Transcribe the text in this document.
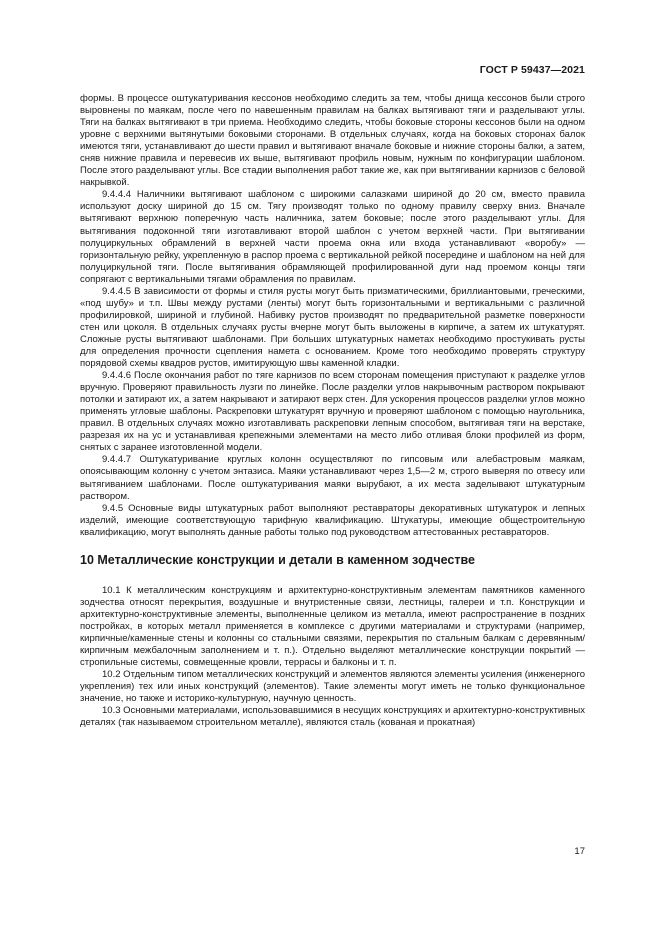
ГОСТ Р 59437—2021

формы. В процессе оштукатуривания кессонов необходимо следить за тем, чтобы днища кессонов были строго выровнены по маякам, после чего по навешенным правилам на балках вытягивают тяги и разделывают углы. Тяги на балках вытягивают в три приема. Необходимо следить, чтобы боковые стороны кессонов были на одном уровне с верхними вытянутыми боковыми сторонами. В отдельных случаях, когда на боковых сторонах балок имеются тяги, устанавливают до шести правил и вытягивают вначале боковые и нижние стороны балки, а затем, сняв нижние правила и перевесив их выше, вытягивают профиль новым, нужным по конфигурации шаблоном. После этого разделывают углы. Все стадии выполнения работ такие же, как при вытягивании карнизов с беловой накрывкой.

9.4.4.4 Наличники вытягивают шаблоном с широкими салазками шириной до 20 см, вместо правила используют доску шириной до 15 см. Тягу производят только по одному правилу сверху вниз. Вначале вытягивают верхнюю поперечную часть наличника, затем боковые; после этого разделывают углы. Для вытягивания подоконной тяги изготавливают второй шаблон с учетом верхней части. При вытягивании полуциркульных обрамлений в верхней части проема окна или входа устанавливают «воробу» — горизонтальную рейку, укрепленную в распор проема с вертикальной рейкой посередине и шаблоном на ней для полуциркульной тяги. После вытягивания обрамляющей профилированной дуги над проемом концы тяги сопрягают с вертикальными тягами обрамления по правилам.

9.4.4.5 В зависимости от формы и стиля русты могут быть призматическими, бриллиантовыми, греческими, «под шубу» и т.п. Швы между рустами (ленты) могут быть горизонтальными и вертикальными с различной профилировкой, шириной и глубиной. Набивку рустов производят по предварительной разметке поверхности стен или цоколя. В отдельных случаях русты вчерне могут быть выложены в кирпиче, а затем их штукатурят. Сложные русты вытягивают шаблонами. При больших штукатурных наметах необходимо простукивать русты для определения прочности сцепления намета с основанием. Кроме того необходимо проверять структуру порядовой схемы квадров рустов, имитирующую швы каменной кладки.

9.4.4.6 После окончания работ по тяге карнизов по всем сторонам помещения приступают к разделке углов вручную. Проверяют правильность лузги по линейке. После разделки углов накрывочным раствором покрывают потолки и затирают их, а затем накрывают и затирают верх стен. Для ускорения процессов разделки углов можно применять угловые шаблоны. Раскреповки штукатурят вручную и проверяют шаблоном с помощью наугольника, правил. В отдельных случаях можно изготавливать раскреповки лепным способом, вытягивая тяги на верстаке, разрезая их на ус и устанавливая крепежными элементами на место либо отливая блоки профилей из форм, снятых с заранее изготовленной модели.

9.4.4.7 Оштукатуривание круглых колонн осуществляют по гипсовым или алебастровым маякам, опоясывающим колонну с учетом энтазиса. Маяки устанавливают через 1,5—2 м, строго выверяя по отвесу или вытягиванием шаблонами. После оштукатуривания маяки вырубают, а их места заделывают штукатурным раствором.

9.4.5 Основные виды штукатурных работ выполняют реставраторы декоративных штукатурок и лепных изделий, имеющие соответствующую тарифную квалификацию. Штукатуры, имеющие общестроительную квалификацию, могут выполнять данные работы только под руководством аттестованных реставраторов.

10 Металлические конструкции и детали в каменном зодчестве

10.1 К металлическим конструкциям и архитектурно-конструктивным элементам памятников каменного зодчества относят перекрытия, воздушные и внутристенные связи, лестницы, галереи и т.п. Конструкции и архитектурно-конструктивные элементы, выполненные целиком из металла, имеют распространение в поздних постройках, в которых металл применяется в комплексе с другими материалами и структурами (например, кирпичные/каменные стены и колонны со стальными связями, перекрытия по стальным балкам с деревянным/кирпичным межбалочным заполнением и т. п.). Отдельно выделяют металлические конструкции покрытий — стропильные системы, совмещенные кровли, террасы и балконы и т. п.

10.2 Отдельным типом металлических конструкций и элементов являются элементы усиления (инженерного укрепления) тех или иных конструкций (элементов). Такие элементы могут иметь не только функциональное значение, но также и историко-культурную, научную ценность.

10.3 Основными материалами, использовавшимися в несущих конструкциях и архитектурно-конструктивных деталях (так называемом строительном металле), являются сталь (кованая и прокатная)

17
